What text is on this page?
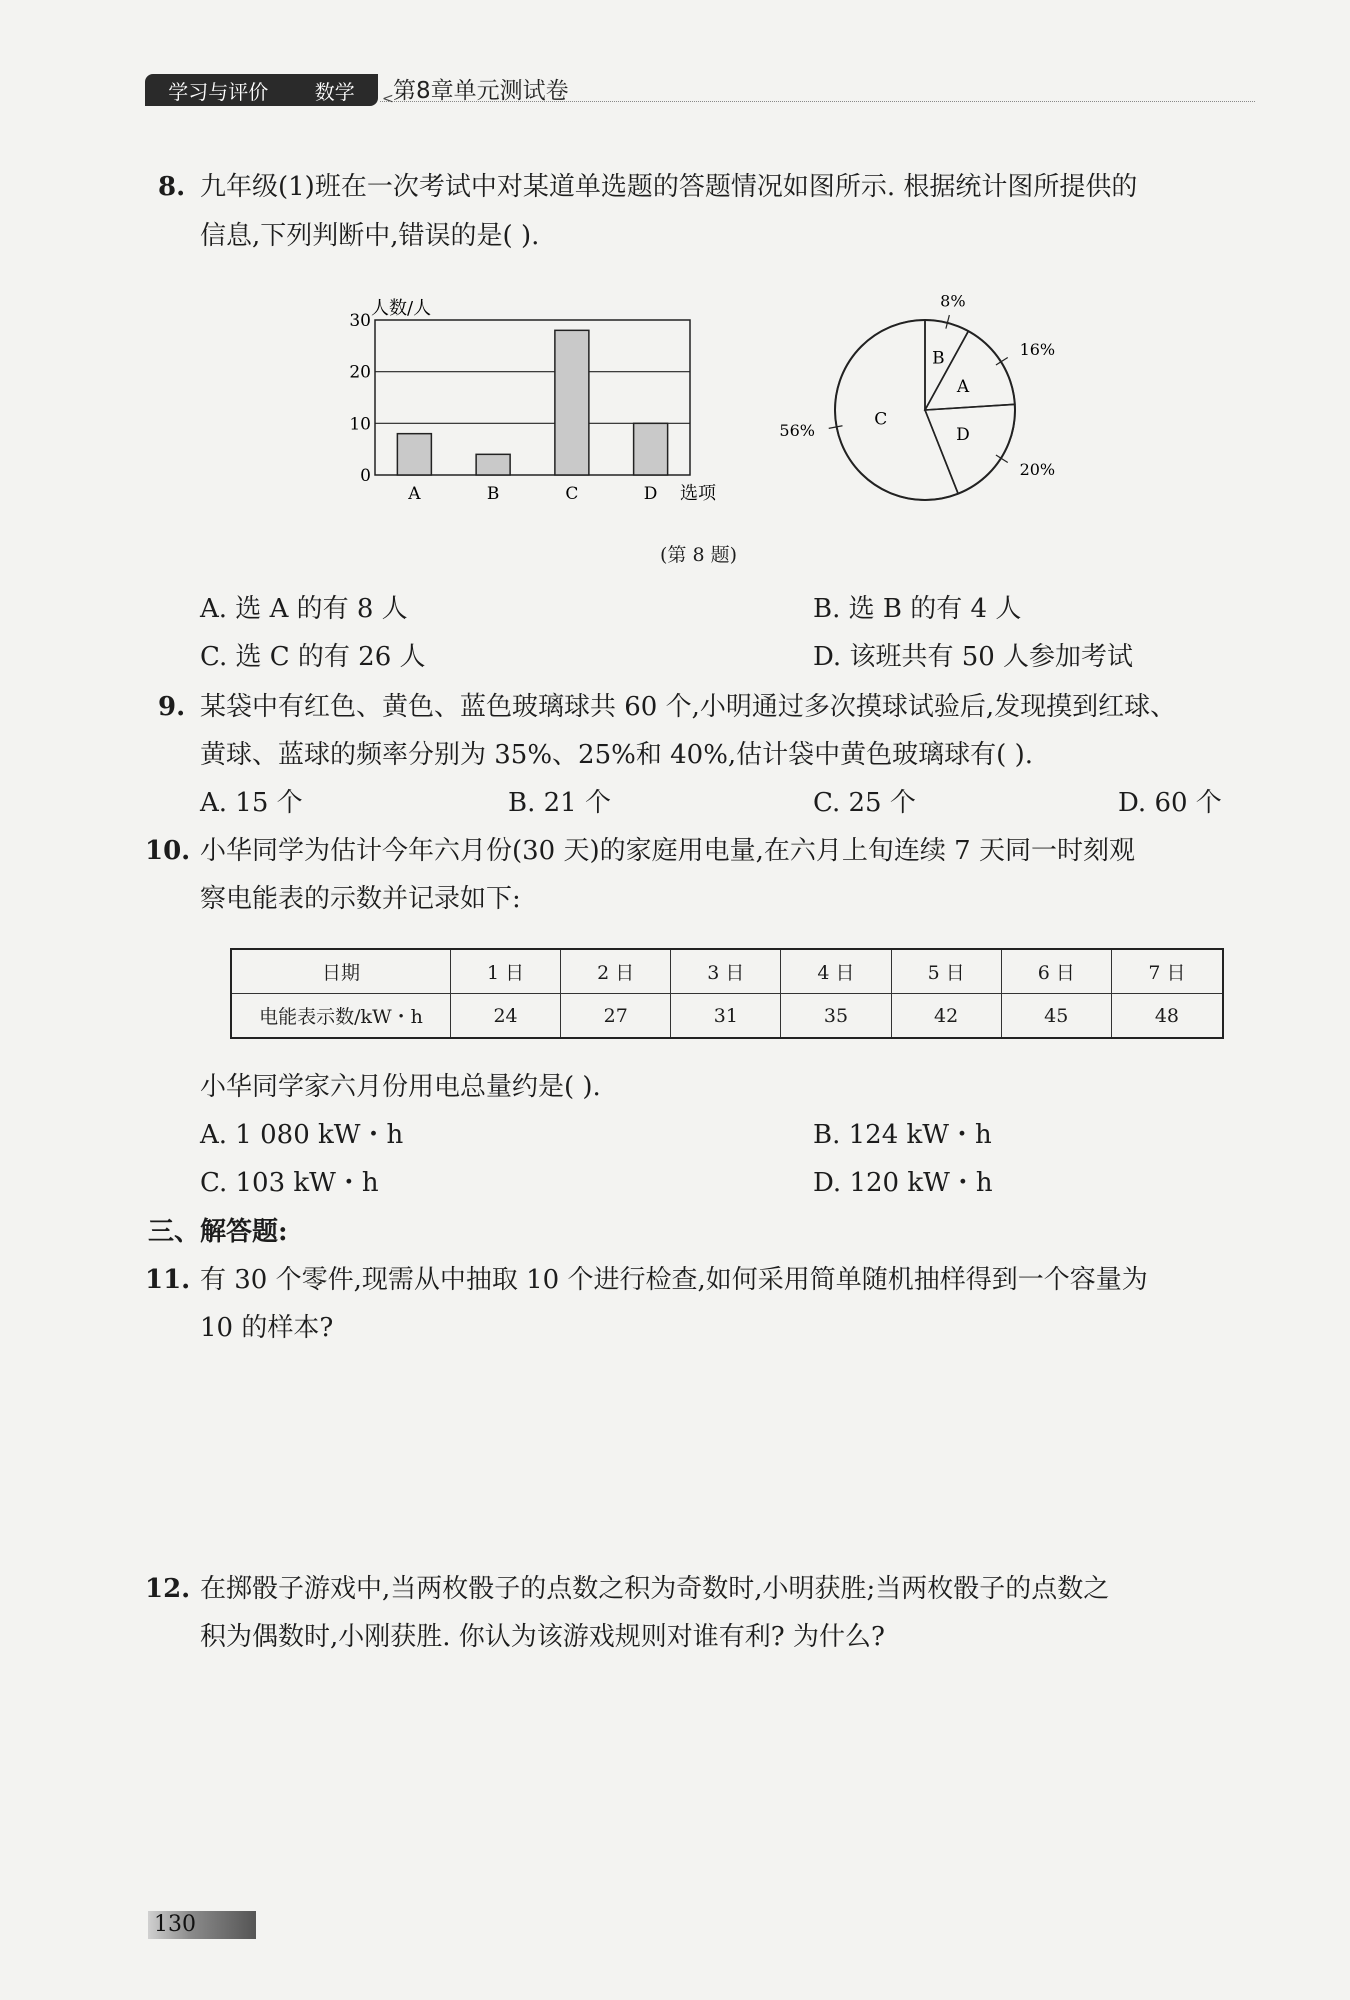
学习与评价 数学 第8章单元测试卷
<
8. 九年级(1)班在一次考试中对某道单选题的答题情况如图所示. 根据统计图所提供的
信息,下列判断中,错误的是( ).
0
10
20
30
人数/人
A	B	C	D 选项
B
8%
A
16%
D
20%
C
56%
(第 8 题)
A. 选 A 的有 8 人	B. 选 B 的有 4 人
C. 选 C 的有 26 人	D. 该班共有 50 人参加考试
9. 某袋中有红色、黄色、蓝色玻璃球共 60 个,小明通过多次摸球试验后,发现摸到红球、
黄球、蓝球的频率分别为 35%、25%和 40%,估计袋中黄色玻璃球有( ).
A. 15 个	B. 21 个	C. 25 个	D. 60 个
10. 小华同学为估计今年六月份(30 天)的家庭用电量,在六月上旬连续 7 天同一时刻观
察电能表的示数并记录如下:
日期	1 日	2 日	3 日	4 日	5 日	6 日	7 日
电能表示数/kW・h	24	27	31	35	42	45	48
小华同学家六月份用电总量约是( ).
A. 1 080 kW・h	B. 124 kW・h
C. 103 kW・h	D. 120 kW・h
三、解答题:
11. 有 30 个零件,现需从中抽取 10 个进行检查,如何采用简单随机抽样得到一个容量为
10 的样本?
12. 在掷骰子游戏中,当两枚骰子的点数之积为奇数时,小明获胜;当两枚骰子的点数之
积为偶数时,小刚获胜. 你认为该游戏规则对谁有利? 为什么?
130
